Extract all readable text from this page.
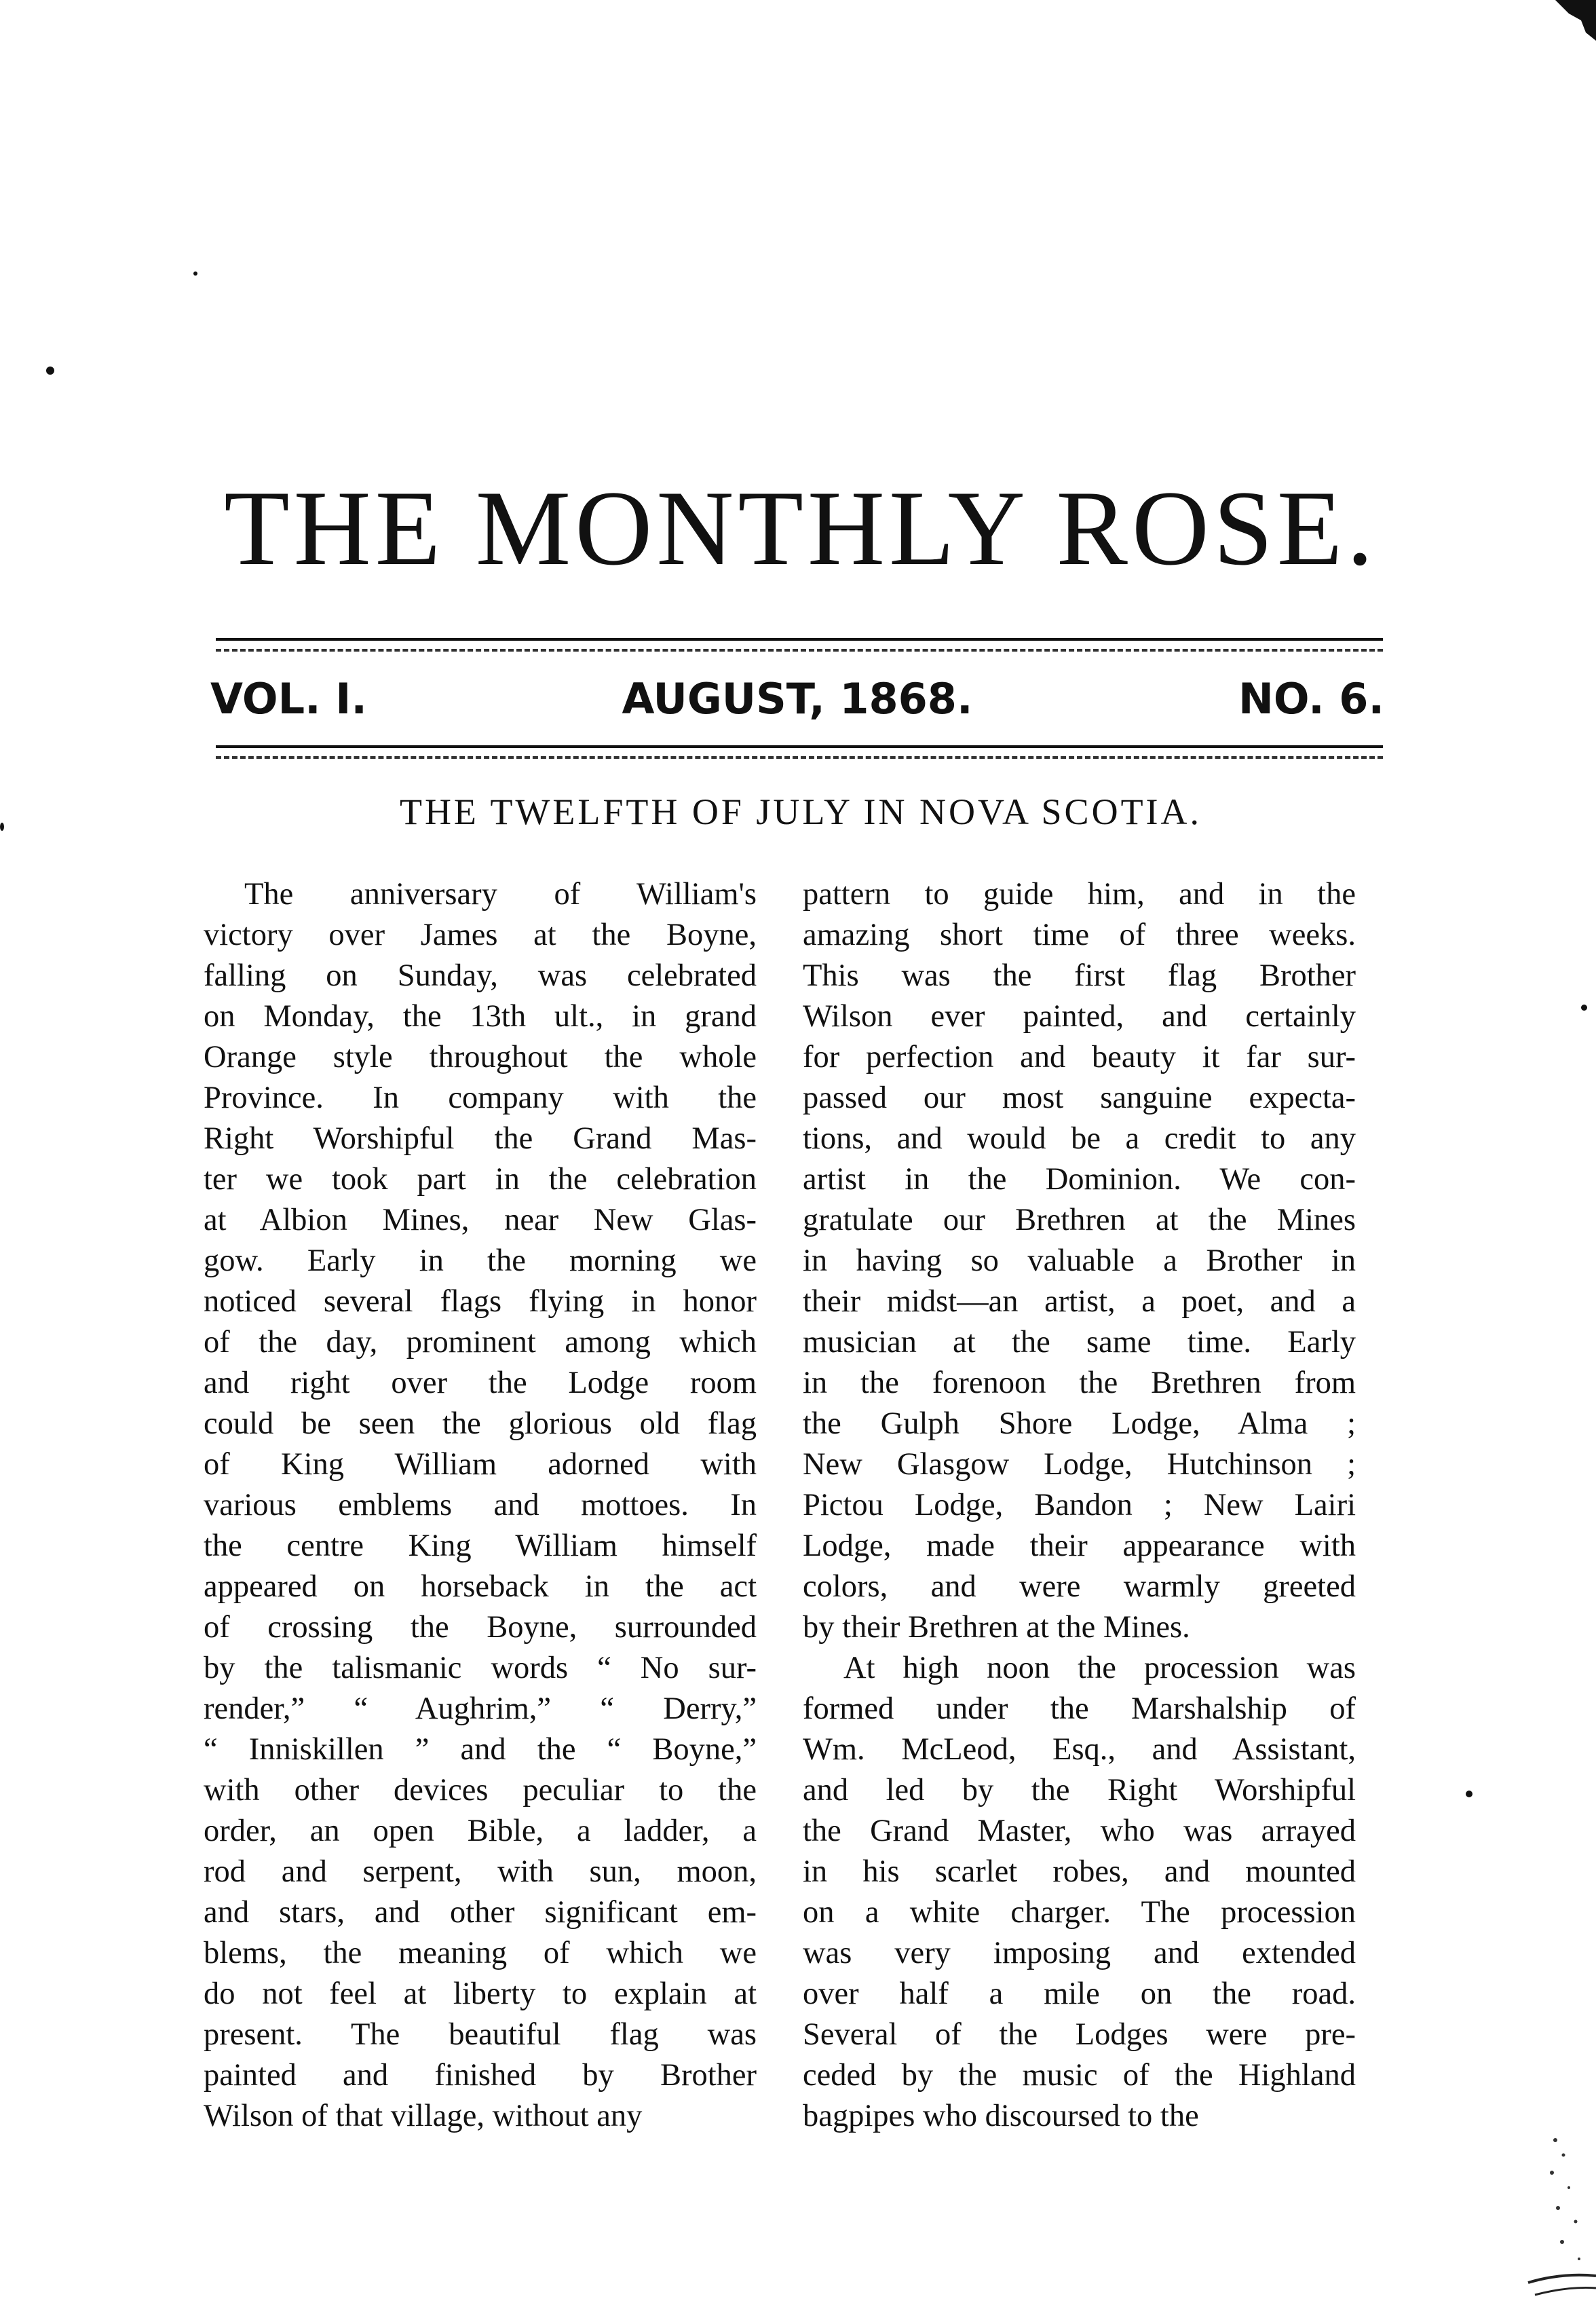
THE MONTHLY ROSE.
VOL. I.	AUGUST, 1868.	NO. 6.
THE TWELFTH OF JULY IN NOVA SCOTIA.
The anniversary of William's
victory over James at the Boyne,
falling on Sunday, was celebrated
on Monday, the 13th ult., in grand
Orange style throughout the whole
Province. In company with the
Right Worshipful the Grand Mas-
ter we took part in the celebration
at Albion Mines, near New Glas-
gow. Early in the morning we
noticed several flags flying in honor
of the day, prominent among which
and right over the Lodge room
could be seen the glorious old flag
of King William adorned with
various emblems and mottoes. In
the centre King William himself
appeared on horseback in the act
of crossing the Boyne, surrounded
by the talismanic words “ No sur-
render,” “ Aughrim,” “ Derry,”
“ Inniskillen ” and the “ Boyne,”
with other devices peculiar to the
order, an open Bible, a ladder, a
rod and serpent, with sun, moon,
and stars, and other significant em-
blems, the meaning of which we
do not feel at liberty to explain at
present. The beautiful flag was
painted and finished by Brother
Wilson of that village, without any
pattern to guide him, and in the
amazing short time of three weeks.
This was the first flag Brother
Wilson ever painted, and certainly
for perfection and beauty it far sur-
passed our most sanguine expecta-
tions, and would be a credit to any
artist in the Dominion. We con-
gratulate our Brethren at the Mines
in having so valuable a Brother in
their midst—an artist, a poet, and a
musician at the same time. Early
in the forenoon the Brethren from
the Gulph Shore Lodge, Alma ;
New Glasgow Lodge, Hutchinson ;
Pictou Lodge, Bandon ; New Lairi
Lodge, made their appearance with
colors, and were warmly greeted
by their Brethren at the Mines.
At high noon the procession was
formed under the Marshalship of
Wm. McLeod, Esq., and Assistant,
and led by the Right Worshipful
the Grand Master, who was arrayed
in his scarlet robes, and mounted
on a white charger. The procession
was very imposing and extended
over half a mile on the road.
Several of the Lodges were pre-
ceded by the music of the Highland
bagpipes who discoursed to the
